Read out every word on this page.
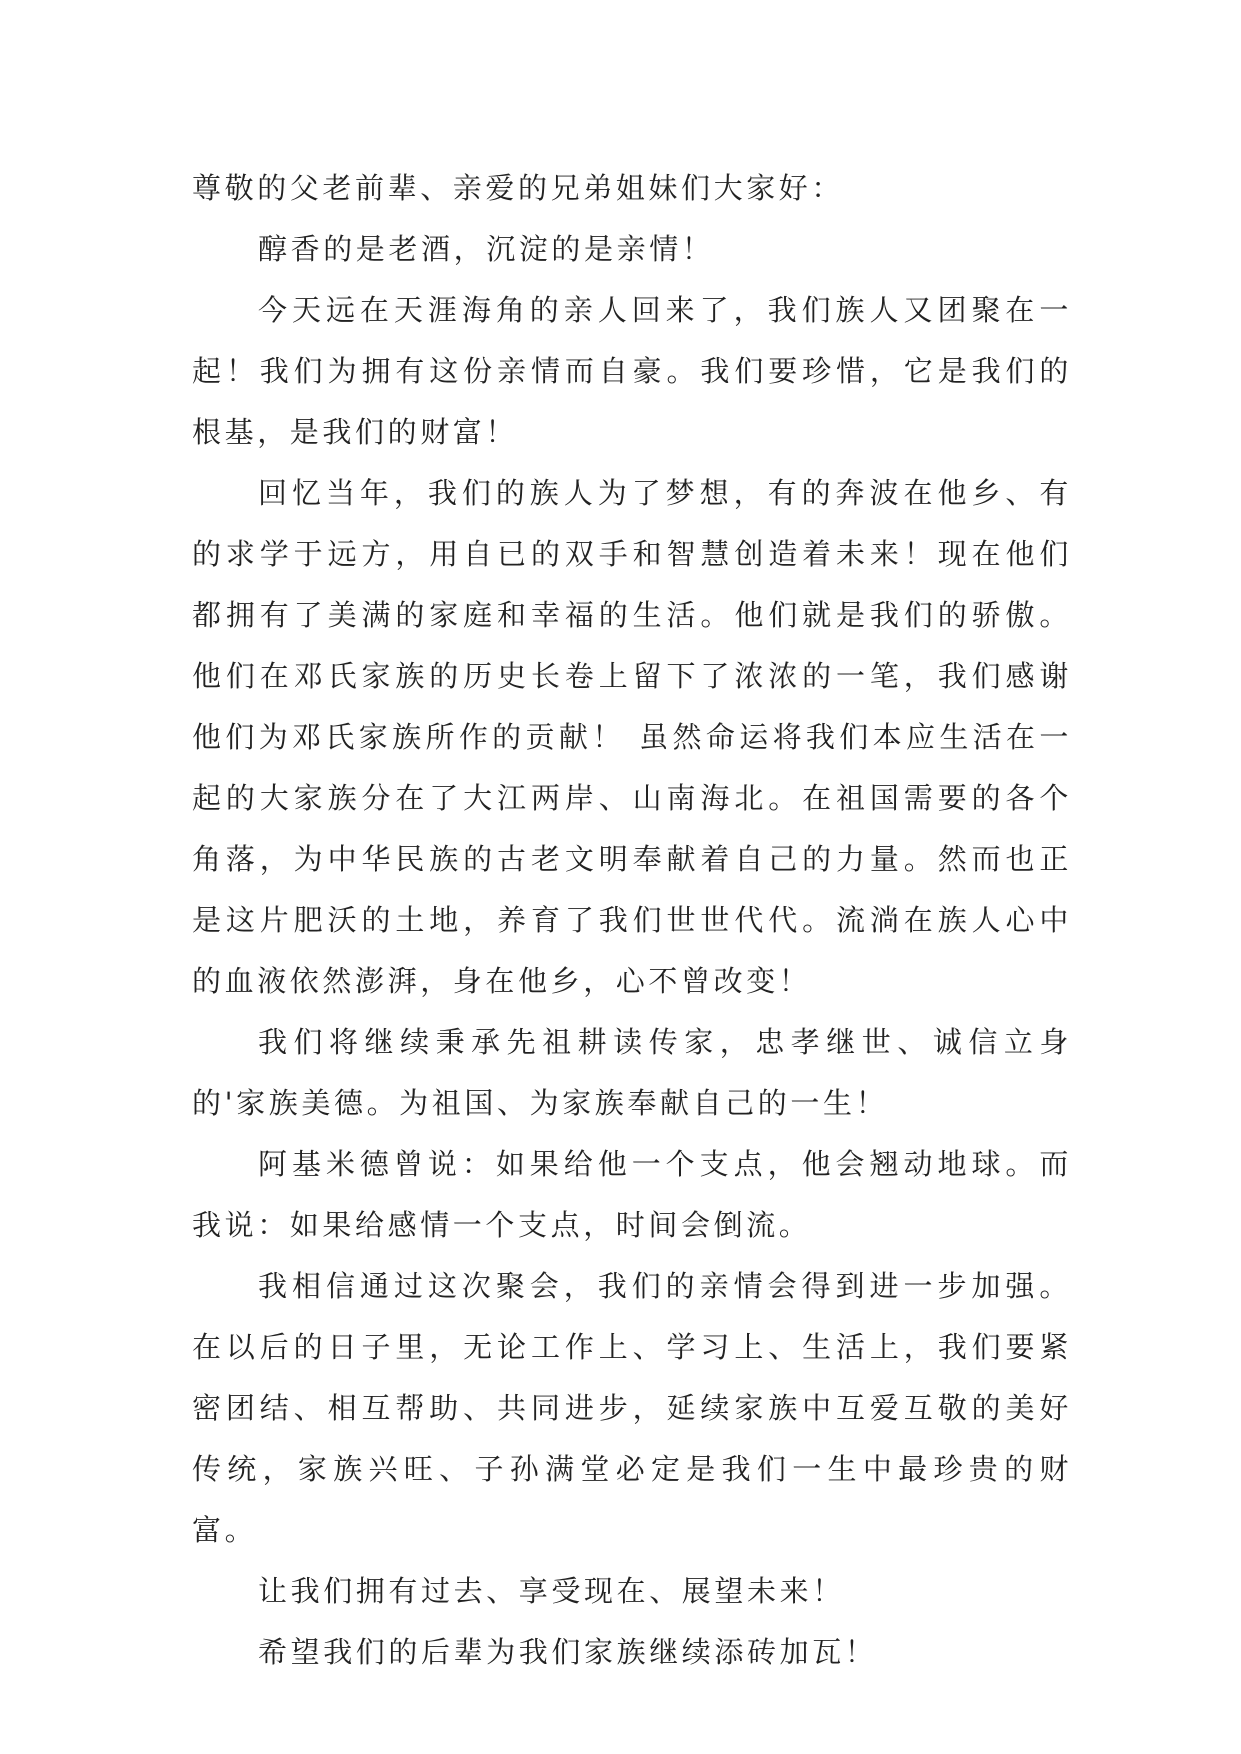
尊敬的父老前辈、亲爱的兄弟姐妹们大家好：

醇香的是老酒，沉淀的是亲情！

今天远在天涯海角的亲人回来了，我们族人又团聚在一起！我们为拥有这份亲情而自豪。我们要珍惜，它是我们的根基，是我们的财富！

回忆当年，我们的族人为了梦想，有的奔波在他乡、有的求学于远方，用自已的双手和智慧创造着未来！现在他们都拥有了美满的家庭和幸福的生活。他们就是我们的骄傲。他们在邓氏家族的历史长卷上留下了浓浓的一笔，我们感谢他们为邓氏家族所作的贡献！ 虽然命运将我们本应生活在一起的大家族分在了大江两岸、山南海北。在祖国需要的各个角落，为中华民族的古老文明奉献着自己的力量。然而也正是这片肥沃的土地，养育了我们世世代代。流淌在族人心中的血液依然澎湃，身在他乡，心不曾改变！

我们将继续秉承先祖耕读传家，忠孝继世、诚信立身的'家族美德。为祖国、为家族奉献自己的一生！

阿基米德曾说：如果给他一个支点，他会翘动地球。而我说：如果给感情一个支点，时间会倒流。

我相信通过这次聚会，我们的亲情会得到进一步加强。在以后的日子里，无论工作上、学习上、生活上，我们要紧密团结、相互帮助、共同进步，延续家族中互爱互敬的美好传统，家族兴旺、子孙满堂必定是我们一生中最珍贵的财富。

让我们拥有过去、享受现在、展望未来！

希望我们的后辈为我们家族继续添砖加瓦！
